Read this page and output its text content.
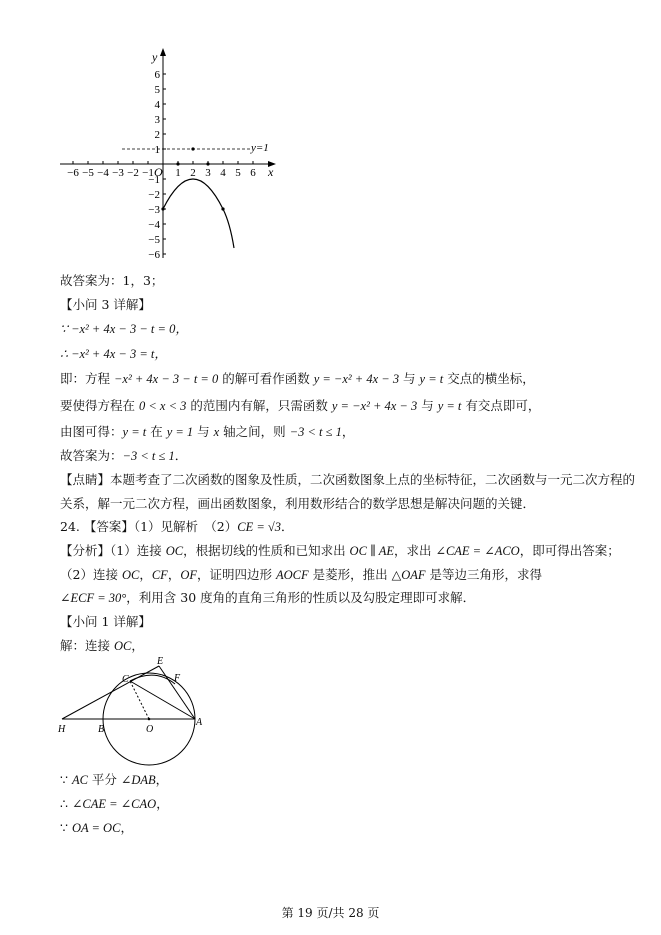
y
x
O
−6 −5 −4 −3 −2 −1 1 2 3 4 5 6
6
5
4
3
2
1
−1
−2
−3
−4
−5
−6
y=1
故答案为：1，3；
【小问 3 详解】
∵ −x² + 4x − 3 − t = 0，
∴ −x² + 4x − 3 = t，
即：方程 −x² + 4x − 3 − t = 0 的解可看作函数 y = −x² + 4x − 3 与 y = t 交点的横坐标，
要使得方程在 0 < x < 3 的范围内有解，只需函数 y = −x² + 4x − 3 与 y = t 有交点即可，
由图可得：y = t 在 y = 1 与 x 轴之间，则 −3 < t ≤ 1，
故答案为：−3 < t ≤ 1．
【点睛】本题考查了二次函数的图象及性质，二次函数图象上点的坐标特征，二次函数与一元二次方程的
关系，解一元二次方程，画出函数图象，利用数形结合的数学思想是解决问题的关键．
24. 【答案】（1）见解析　（2）CE = √3．
【分析】（1）连接 OC，根据切线的性质和已知求出 OC ∥ AE，求出 ∠CAE = ∠ACO，即可得出答案；
（2）连接 OC，CF，OF，证明四边形 AOCF 是菱形，推出 △OAF 是等边三角形，求得
∠ECF = 30°，利用含 30 度角的直角三角形的性质以及勾股定理即可求解．
【小问 1 详解】
解：连接 OC，
E
F
C
H	B	O
A
∵ AC 平分 ∠DAB，
∴ ∠CAE = ∠CAO，
∵ OA = OC，
第 19 页/共 28 页
